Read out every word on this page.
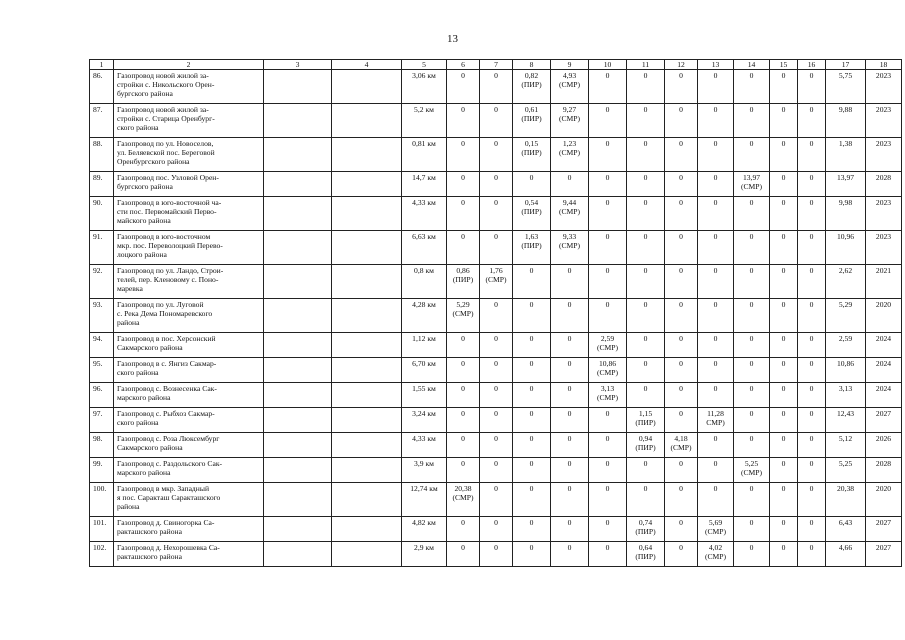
13
1	2	3	4	5	6	7	8	9	10	11	12	13	14	15	16	17	18
86.	Газопровод новой жилой за-
стройки с. Никольского Орен-
бургского района			3,06 км	0	0	0,82
(ПИР)	4,93
(СМР)	0	0	0	0	0	0	0	5,75	2023
87.	Газопровод новой жилой за-
стройки с. Старица Оренбург-
ского района			5,2 км	0	0	0,61
(ПИР)	9,27
(СМР)	0	0	0	0	0	0	0	9,88	2023
88.	Газопровод по ул. Новоселов,
ул. Беляевской пос. Береговой
Оренбургского района			0,81 км	0	0	0,15
(ПИР)	1,23
(СМР)	0	0	0	0	0	0	0	1,38	2023
89.	Газопровод пос. Узловой Орен-
бургского района			14,7 км	0	0	0	0	0	0	0	0	13,97
(СМР)	0	0	13,97	2028
90.	Газопровод в юго-восточной ча-
сти пос. Первомайский Перво-
майского района			4,33 км	0	0	0,54
(ПИР)	9,44
(СМР)	0	0	0	0	0	0	0	9,98	2023
91.	Газопровод в юго-восточном
мкр. пос. Переволоцкий Перево-
лоцкого района			6,63 км	0	0	1,63
(ПИР)	9,33
(СМР)	0	0	0	0	0	0	0	10,96	2023
92.	Газопровод по ул. Ландо, Строи-
телей, пер. Кленовому с. Поно-
маревка			0,8 км	0,86
(ПИР)	1,76
(СМР)	0	0	0	0	0	0	0	0	0	2,62	2021
93.	Газопровод по ул. Луговой
с. Река Дема Пономаревского
района			4,28 км	5,29
(СМР)	0	0	0	0	0	0	0	0	0	0	5,29	2020
94.	Газопровод в пос. Херсонский
Сакмарского района			1,12 км	0	0	0	0	2,59
(СМР)	0	0	0	0	0	0	2,59	2024
95.	Газопровод в с. Янгиз Сакмар-
ского района			6,70 км	0	0	0	0	10,86
(СМР)	0	0	0	0	0	0	10,86	2024
96.	Газопровод с. Вознесенка Сак-
марского района			1,55 км	0	0	0	0	3,13
(СМР)	0	0	0	0	0	0	3,13	2024
97.	Газопровод с. Рыбхоз Сакмар-
ского района			3,24 км	0	0	0	0	0	1,15
(ПИР)	0	11,28
СМР)	0	0	0	12,43	2027
98.	Газопровод с. Роза Люксембург
Сакмарского района			4,33 км	0	0	0	0	0	0,94
(ПИР)	4,18
(СМР)	0	0	0	0	5,12	2026
99.	Газопровод с. Раздольского Сак-
марского района			3,9 км	0	0	0	0	0	0	0	0	5,25
(СМР)	0	0	5,25	2028
100.	Газопровод в мкр. Западный
я пос. Саракташ Саракташского
района			12,74 км	20,38
(СМР)	0	0	0	0	0	0	0	0	0	0	20,38	2020
101.	Газопровод д. Свиногорка Са-
ракташского района			4,82 км	0	0	0	0	0	0,74
(ПИР)	0	5,69
(СМР)	0	0	0	6,43	2027
102.	Газопровод д. Нехорошевка Са-
ракташского района			2,9 км	0	0	0	0	0	0,64
(ПИР)	0	4,02
(СМР)	0	0	0	4,66	2027
